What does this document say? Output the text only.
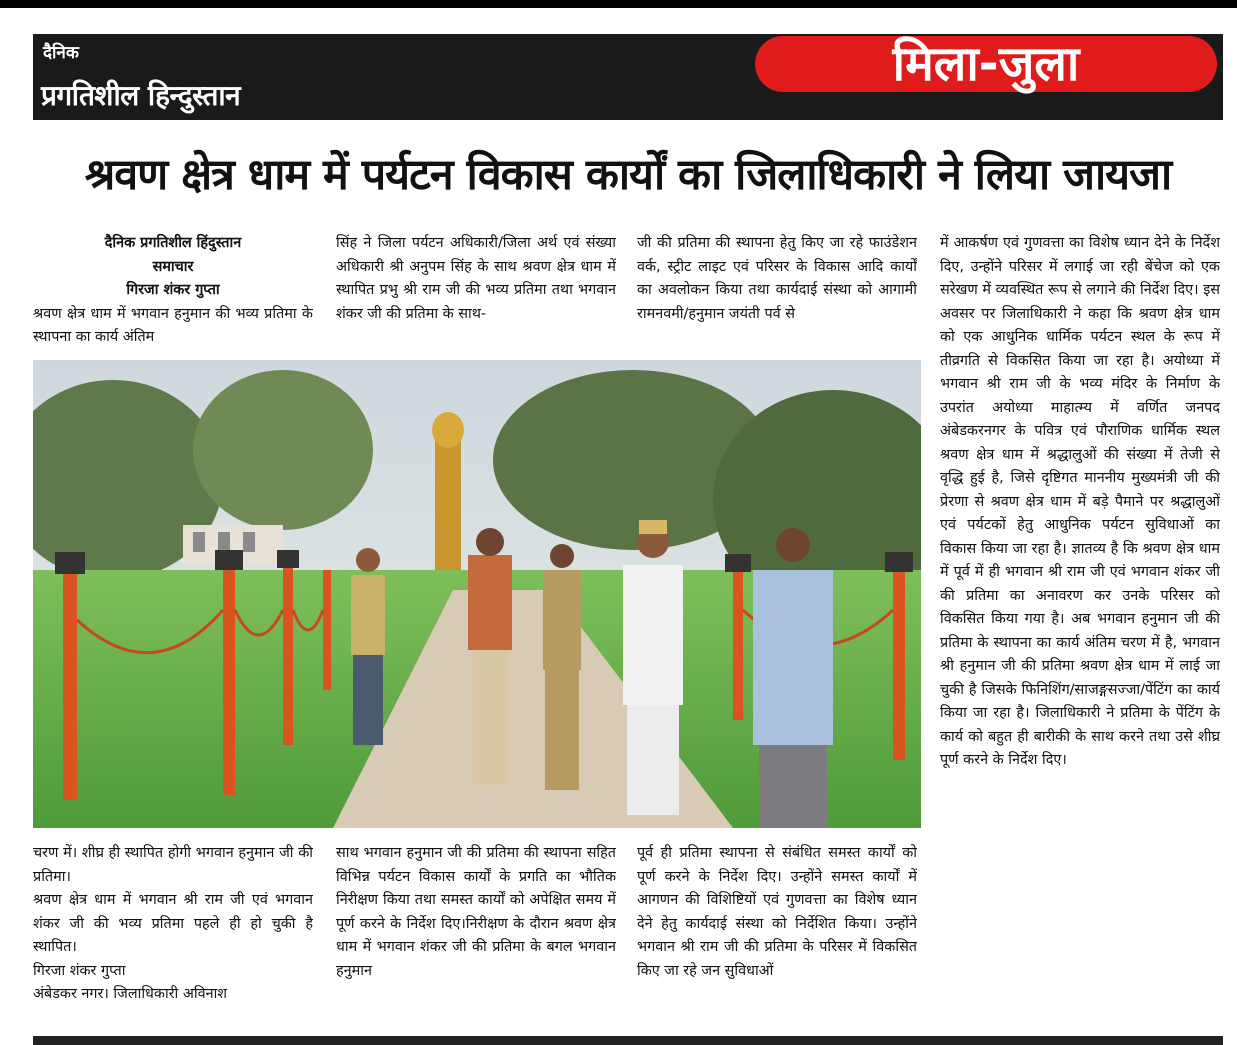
दैनिक
प्रगतिशील हिन्दुस्तान
मिला-जुला
श्रवण क्षेत्र धाम में पर्यटन विकास कार्यों का जिलाधिकारी ने लिया जायजा

दैनिक प्रगतिशील हिंदुस्तान

समाचार

गिरजा शंकर गुप्ता

श्रवण क्षेत्र धाम में भगवान हनुमान की भव्य प्रतिमा के स्थापना का कार्य अंतिम

सिंह ने जिला पर्यटन अधिकारी/जिला अर्थ एवं संख्या अधिकारी श्री अनुपम सिंह के साथ श्रवण क्षेत्र धाम में स्थापित प्रभु श्री राम जी की भव्य प्रतिमा तथा भगवान शंकर जी की प्रतिमा के साथ-

जी की प्रतिमा की स्थापना हेतु किए जा रहे फाउंडेशन वर्क, स्ट्रीट लाइट एवं परिसर के विकास आदि कार्यों का अवलोकन किया तथा कार्यदाई संस्था को आगामी रामनवमी/हनुमान जयंती पर्व से

में आकर्षण एवं गुणवत्ता का विशेष ध्यान देने के निर्देश दिए, उन्होंने परिसर में लगाई जा रही बेंचेज को एक सरेखण में व्यवस्थित रूप से लगाने की निर्देश दिए। इस अवसर पर जिलाधिकारी ने कहा कि श्रवण क्षेत्र धाम को एक आधुनिक धार्मिक पर्यटन स्थल के रूप में तीव्रगति से विकसित किया जा रहा है। अयोध्या में भगवान श्री राम जी के भव्य मंदिर के निर्माण के उपरांत अयोध्या माहात्म्य में वर्णित जनपद अंबेडकरनगर के पवित्र एवं पौराणिक धार्मिक स्थल श्रवण क्षेत्र धाम में श्रद्धालुओं की संख्या में तेजी से वृद्धि हुई है, जिसे दृष्टिगत माननीय मुख्यमंत्री जी की प्रेरणा से श्रवण क्षेत्र धाम में बड़े पैमाने पर श्रद्धालुओं एवं पर्यटकों हेतु आधुनिक पर्यटन सुविधाओं का विकास किया जा रहा है। ज्ञातव्य है कि श्रवण क्षेत्र धाम में पूर्व में ही भगवान श्री राम जी एवं भगवान शंकर जी की प्रतिमा का अनावरण कर उनके परिसर को विकसित किया गया है। अब भगवान हनुमान जी की प्रतिमा के स्थापना का कार्य अंतिम चरण में है, भगवान श्री हनुमान जी की प्रतिमा श्रवण क्षेत्र धाम में लाई जा चुकी है जिसके फिनिशिंग/साजङ्गसज्जा/पेंटिंग का कार्य किया जा रहा है। जिलाधिकारी ने प्रतिमा के पेंटिंग के कार्य को बहुत ही बारीकी के साथ करने तथा उसे शीघ्र पूर्ण करने के निर्देश दिए।

चरण में। शीघ्र ही स्थापित होगी भगवान हनुमान जी की प्रतिमा।

श्रवण क्षेत्र धाम में भगवान श्री राम जी एवं भगवान शंकर जी की भव्य प्रतिमा पहले ही हो चुकी है स्थापित।

गिरजा शंकर गुप्ता

अंबेडकर नगर। जिलाधिकारी अविनाश

साथ भगवान हनुमान जी की प्रतिमा की स्थापना सहित विभिन्न पर्यटन विकास कार्यों के प्रगति का भौतिक निरीक्षण किया तथा समस्त कार्यों को अपेक्षित समय में पूर्ण करने के निर्देश दिए।निरीक्षण के दौरान श्रवण क्षेत्र धाम में भगवान शंकर जी की प्रतिमा के बगल भगवान हनुमान

पूर्व ही प्रतिमा स्थापना से संबंधित समस्त कार्यों को पूर्ण करने के निर्देश दिए। उन्होंने समस्त कार्यों में आगणन की विशिष्टियों एवं गुणवत्ता का विशेष ध्यान देने हेतु कार्यदाई संस्था को निर्देशित किया। उन्होंने भगवान श्री राम जी की प्रतिमा के परिसर में विकसित किए जा रहे जन सुविधाओं
